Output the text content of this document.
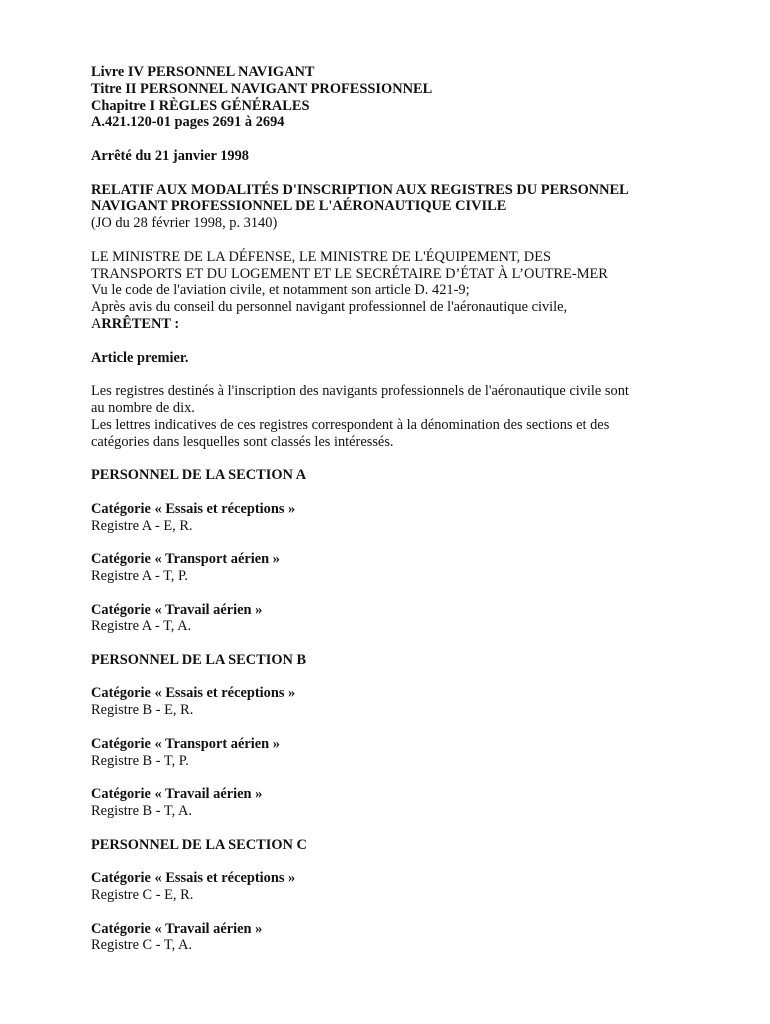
Livre IV PERSONNEL NAVIGANT
Titre II PERSONNEL NAVIGANT PROFESSIONNEL
Chapitre I RÈGLES GÉNÉRALES
A.421.120-01 pages 2691 à 2694
Arrêté du 21 janvier 1998
RELATIF AUX MODALITÉS D'INSCRIPTION AUX REGISTRES DU PERSONNEL
NAVIGANT PROFESSIONNEL DE L'AÉRONAUTIQUE CIVILE
(JO du 28 février 1998, p. 3140)
LE MINISTRE DE LA DÉFENSE, LE MINISTRE DE L'ÉQUIPEMENT, DES
TRANSPORTS ET DU LOGEMENT ET LE SECRÉTAIRE D’ÉTAT À L’OUTRE-MER
Vu le code de l'aviation civile, et notamment son article D. 421-9;
Après avis du conseil du personnel navigant professionnel de l'aéronautique civile,
ARRÊTENT :
Article premier.
Les registres destinés à l'inscription des navigants professionnels de l'aéronautique civile sont
au nombre de dix.
Les lettres indicatives de ces registres correspondent à la dénomination des sections et des
catégories dans lesquelles sont classés les intéressés.
PERSONNEL DE LA SECTION A
Catégorie « Essais et réceptions »
Registre A - E, R.
Catégorie « Transport aérien »
Registre A - T, P.
Catégorie « Travail aérien »
Registre A - T, A.
PERSONNEL DE LA SECTION B
Catégorie « Essais et réceptions »
Registre B - E, R.
Catégorie « Transport aérien »
Registre B - T, P.
Catégorie « Travail aérien »
Registre B - T, A.
PERSONNEL DE LA SECTION C
Catégorie « Essais et réceptions »
Registre C - E, R.
Catégorie « Travail aérien »
Registre C - T, A.
